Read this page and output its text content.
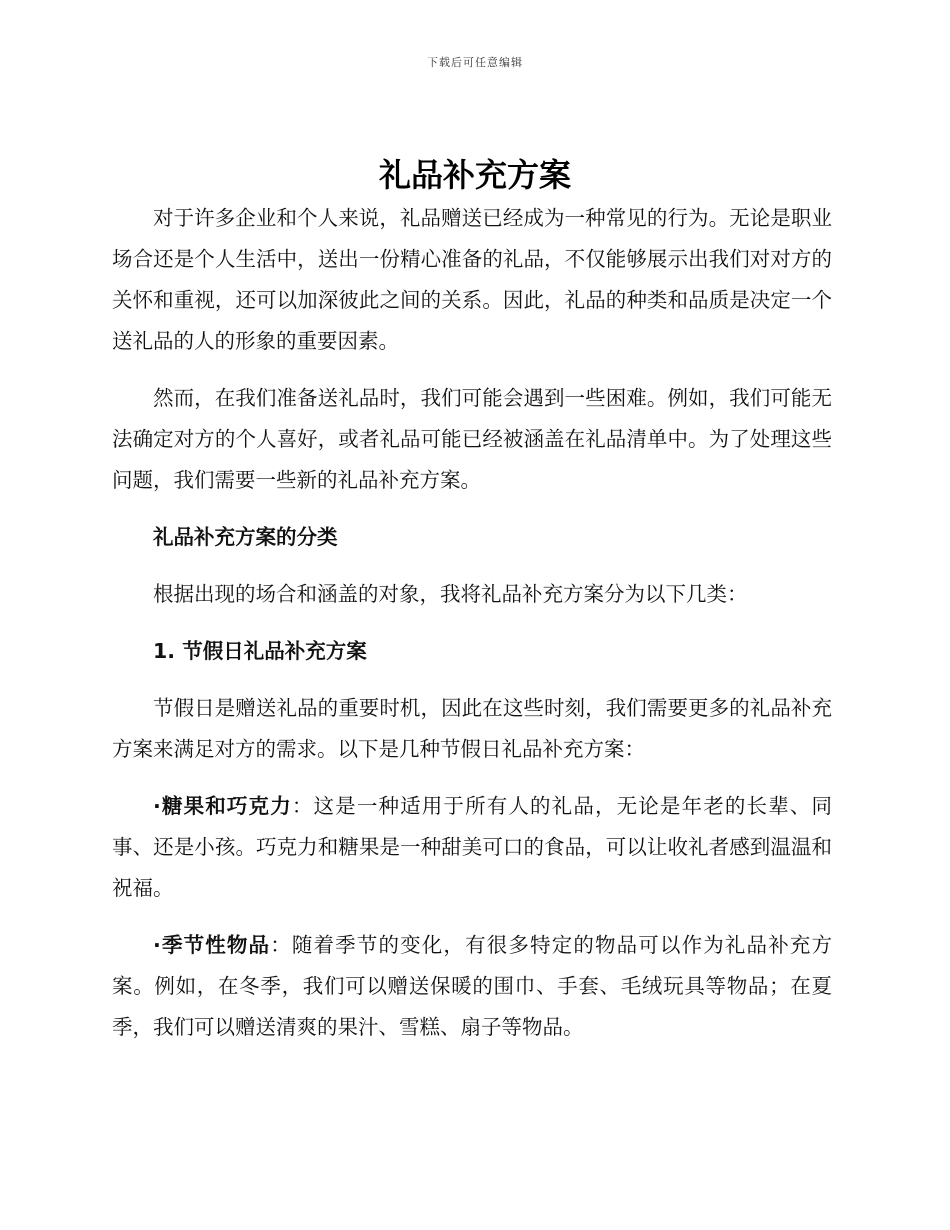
下载后可任意编辑
礼品补充方案

对于许多企业和个人来说，礼品赠送已经成为一种常见的行为。无论是职业场合还是个人生活中，送出一份精心准备的礼品，不仅能够展示出我们对对方的关怀和重视，还可以加深彼此之间的关系。因此，礼品的种类和品质是决定一个送礼品的人的形象的重要因素。

然而，在我们准备送礼品时，我们可能会遇到一些困难。例如，我们可能无法确定对方的个人喜好，或者礼品可能已经被涵盖在礼品清单中。为了处理这些问题，我们需要一些新的礼品补充方案。

礼品补充方案的分类

根据出现的场合和涵盖的对象，我将礼品补充方案分为以下几类：

1. 节假日礼品补充方案

节假日是赠送礼品的重要时机，因此在这些时刻，我们需要更多的礼品补充方案来满足对方的需求。以下是几种节假日礼品补充方案：

·糖果和巧克力：这是一种适用于所有人的礼品，无论是年老的长辈、同事、还是小孩。巧克力和糖果是一种甜美可口的食品，可以让收礼者感到温温和祝福。

·季节性物品：随着季节的变化，有很多特定的物品可以作为礼品补充方案。例如，在冬季，我们可以赠送保暖的围巾、手套、毛绒玩具等物品；在夏季，我们可以赠送清爽的果汁、雪糕、扇子等物品。
